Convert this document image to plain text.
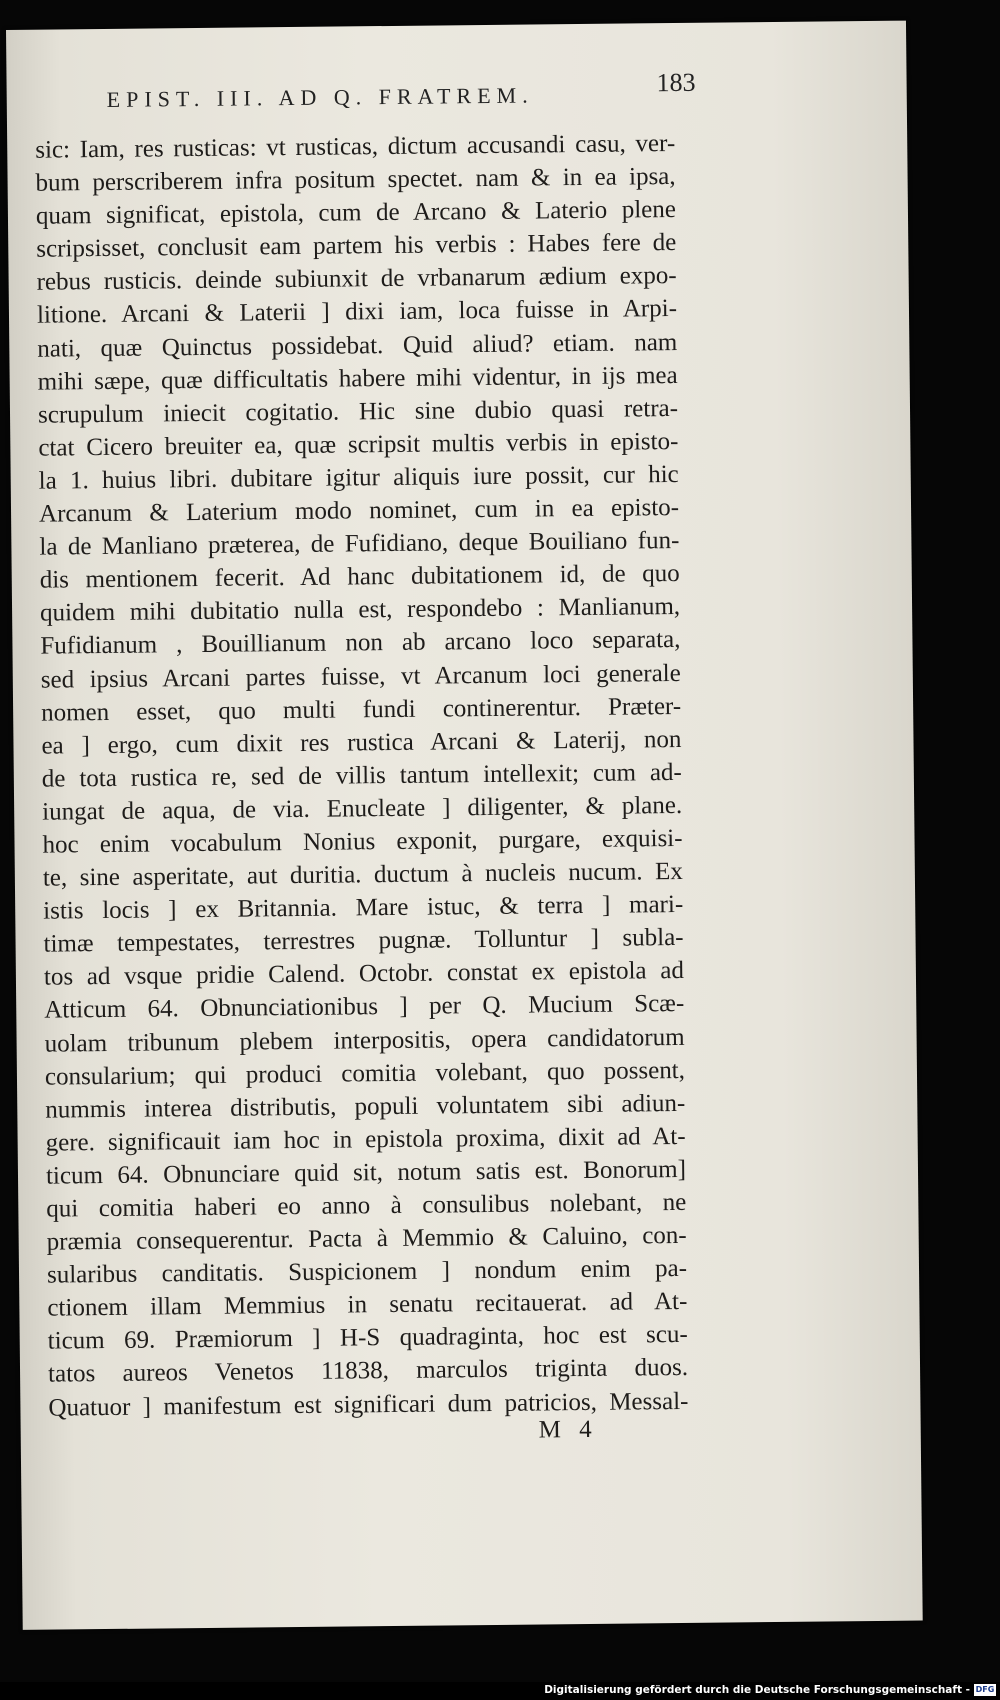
EPIST. III. AD Q. FRATREM.	183
sic: Iam, res rusticas: vt rusticas, dictum accusandi casu, ver-
bum perscriberem infra positum spectet. nam & in ea ipsa,
quam significat, epistola, cum de Arcano & Laterio plene
scripsisset, conclusit eam partem his verbis : Habes fere de
rebus rusticis. deinde subiunxit de vrbanarum ædium expo-
litione. Arcani & Laterii ] dixi iam, loca fuisse in Arpi-
nati, quæ Quinctus possidebat. Quid aliud? etiam. nam
mihi sæpe, quæ difficultatis habere mihi videntur, in ijs mea
scrupulum iniecit cogitatio. Hic sine dubio quasi retra-
ctat Cicero breuiter ea, quæ scripsit multis verbis in episto-
la 1. huius libri. dubitare igitur aliquis iure possit, cur hic
Arcanum & Laterium modo nominet, cum in ea episto-
la de Manliano præterea, de Fufidiano, deque Bouiliano fun-
dis mentionem fecerit. Ad hanc dubitationem id, de quo
quidem mihi dubitatio nulla est, respondebo : Manlianum,
Fufidianum , Bouillianum non ab arcano loco separata,
sed ipsius Arcani partes fuisse, vt Arcanum loci generale
nomen esset, quo multi fundi continerentur. Præter-
ea ] ergo, cum dixit res rustica Arcani & Laterij, non
de tota rustica re, sed de villis tantum intellexit; cum ad-
iungat de aqua, de via. Enucleate ] diligenter, & plane.
hoc enim vocabulum Nonius exponit, purgare, exquisi-
te, sine asperitate, aut duritia. ductum à nucleis nucum. Ex
istis locis ] ex Britannia. Mare istuc, & terra ] mari-
timæ tempestates, terrestres pugnæ. Tolluntur ] subla-
tos ad vsque pridie Calend. Octobr. constat ex epistola ad
Atticum 64. Obnunciationibus ] per Q. Mucium Scæ-
uolam tribunum plebem interpositis, opera candidatorum
consularium; qui produci comitia volebant, quo possent,
nummis interea distributis, populi voluntatem sibi adiun-
gere. significauit iam hoc in epistola proxima, dixit ad At-
ticum 64. Obnunciare quid sit, notum satis est. Bonorum]
qui comitia haberi eo anno à consulibus nolebant, ne
præmia consequerentur. Pacta à Memmio & Caluino, con-
sularibus canditatis. Suspicionem ] nondum enim pa-
ctionem illam Memmius in senatu recitauerat. ad At-
ticum 69. Præmiorum ] H-S quadraginta, hoc est scu-
tatos aureos Venetos 11838, marculos triginta duos.
Quatuor ] manifestum est significari dum patricios, Messal-
M 4
Digitalisierung gefördert durch die Deutsche Forschungsgemeinschaft - DFG
